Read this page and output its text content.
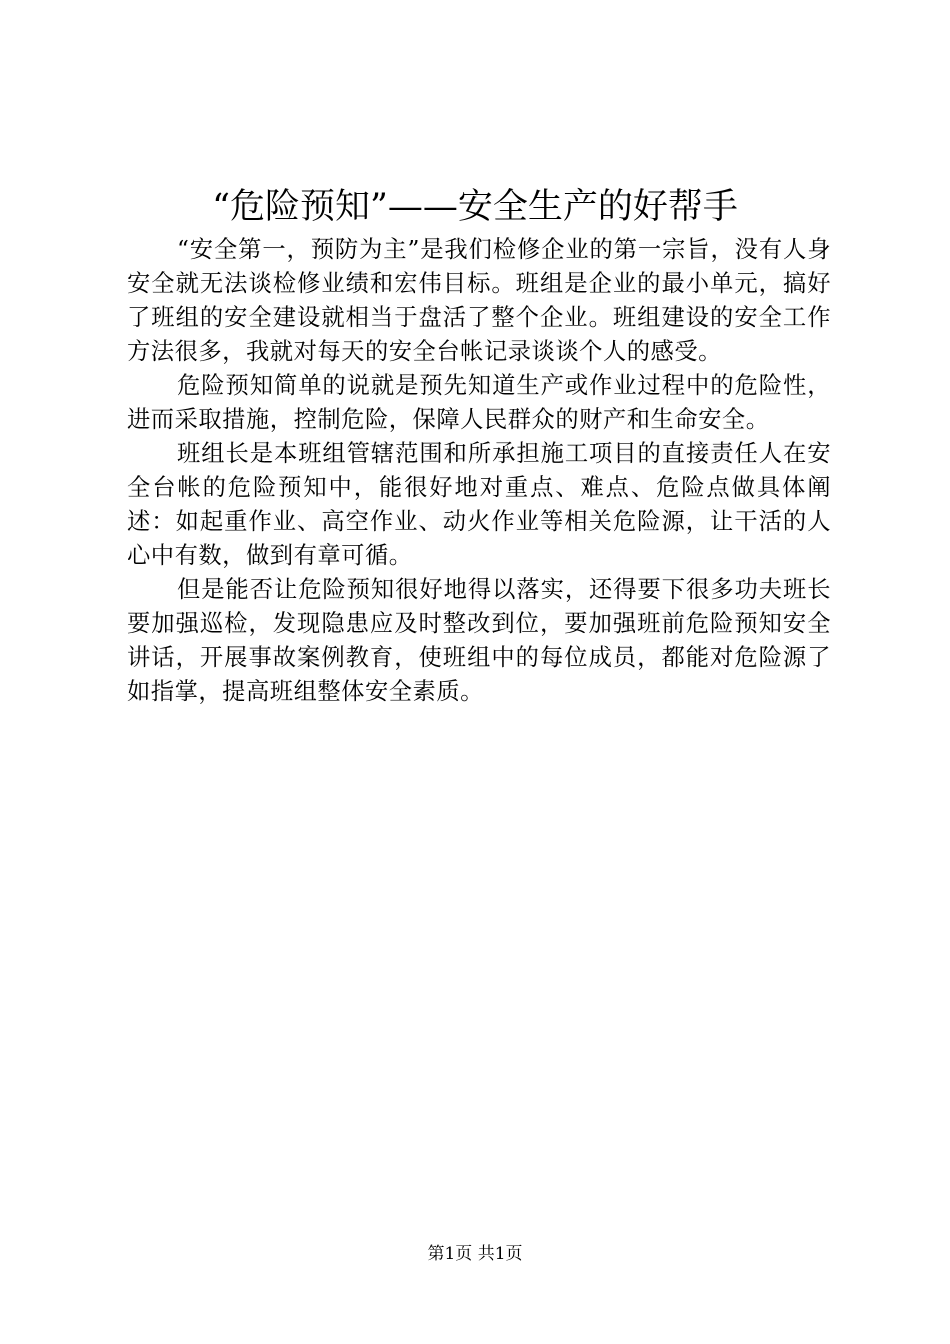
“危险预知”——安全生产的好帮手

“安全第一，预防为主”是我们检修企业的第一宗旨，没有人身安全就无法谈检修业绩和宏伟目标。班组是企业的最小单元，搞好了班组的安全建设就相当于盘活了整个企业。班组建设的安全工作方法很多，我就对每天的安全台帐记录谈谈个人的感受。

危险预知简单的说就是预先知道生产或作业过程中的危险性，进而采取措施，控制危险，保障人民群众的财产和生命安全。

班组长是本班组管辖范围和所承担施工项目的直接责任人在安全台帐的危险预知中，能很好地对重点、难点、危险点做具体阐述：如起重作业、高空作业、动火作业等相关危险源，让干活的人心中有数，做到有章可循。

但是能否让危险预知很好地得以落实，还得要下很多功夫班长要加强巡检，发现隐患应及时整改到位，要加强班前危险预知安全讲话，开展事故案例教育，使班组中的每位成员，都能对危险源了如指掌，提高班组整体安全素质。

第1页 共1页
